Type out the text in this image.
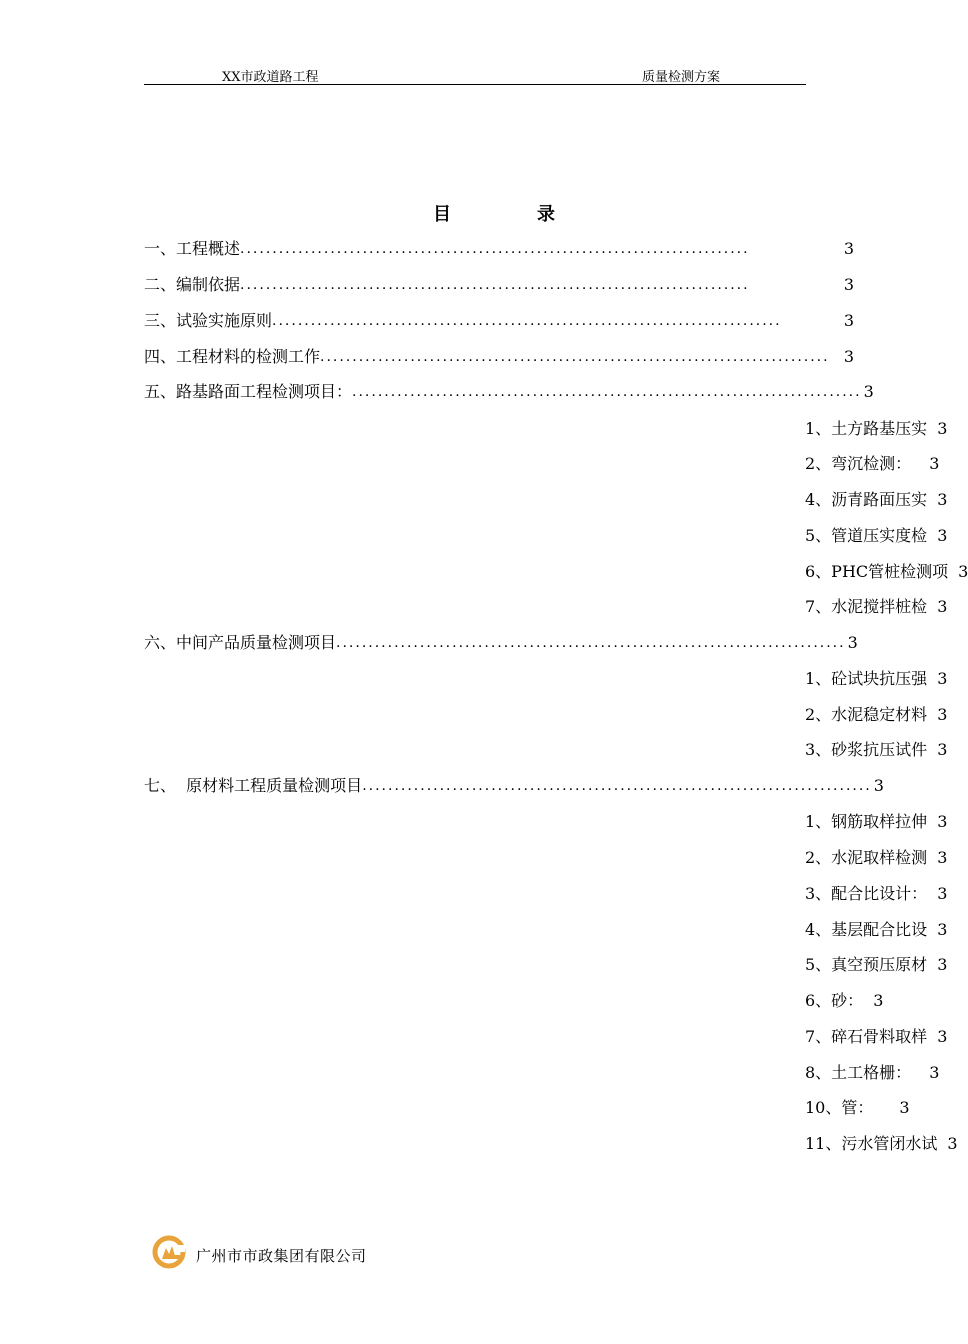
XX市政道路工程	质量检测方案
目	录
一、工程概述 ...............................................................................	3
二、编制依据 ...............................................................................	3
三、试验实施原则 ...............................................................................	3
四、工程材料的检测工作 ............................................................................... 3
五、路基路面工程检测项目： ............................................................................... 3
1、土方路基压实 3
2、弯沉检测： 3
4、沥青路面压实 3
5、管道压实度检 3
6、PHC管桩检测项 3
7、水泥搅拌桩检 3
六、中间产品质量检测项目 ............................................................................... 3
1、砼试块抗压强 3
2、水泥稳定材料 3
3、砂浆抗压试件 3
七、  原材料工程质量检测项目 ............................................................................... 3
1、钢筋取样拉伸 3
2、水泥取样检测 3
3、配合比设计： 3
4、基层配合比设 3
5、真空预压原材 3
6、砂： 3
7、碎石骨料取样 3
8、土工格栅： 3
10、管： 3
11、污水管闭水试 3
广州市市政集团有限公司
